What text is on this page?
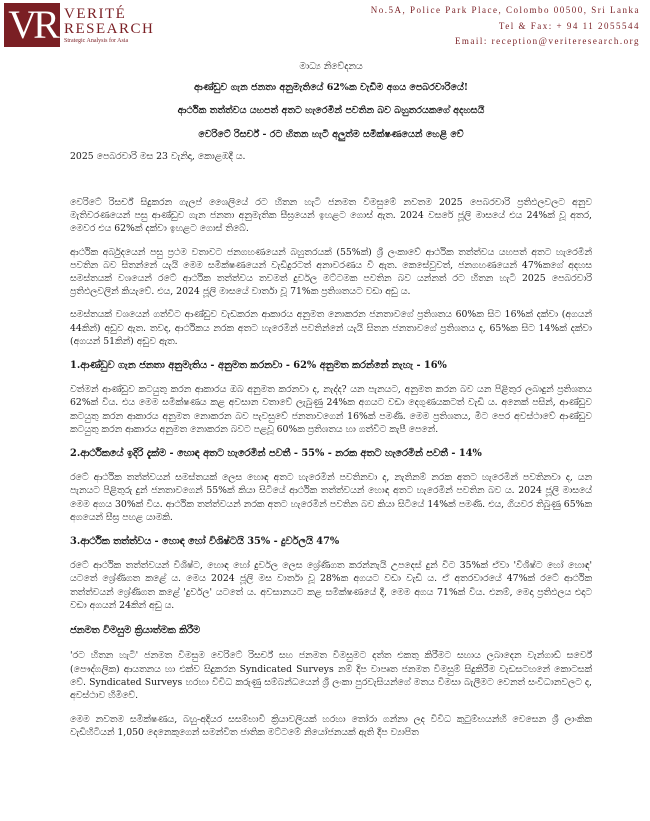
VR VERITÉ
RESEARCH
Strategic Analysis for Asia
No.5A, Police Park Place, Colombo 00500, Sri Lanka
Tel & Fax: + 94 11 2055544
Email: reception@veriteresearch.org
මාධ්‍ය නිවේදනය
ආණ්ඩුව ගැන ජනතා අනුමැතියේ 62%ක වැඩීම අගය පෙබරවාරියේ!
ආර්ථික තත්ත්වය යහපත් අතට හැරෙමින් පවතින බව බහුතරයකගේ අදහසයි
වෙරිටේ රිසර්ච් - රට හිතන හැටි අලුත්ම සමීක්ෂණයෙන් හෙළි වේ
2025 පෙබරවාරි මස 23 වැනිදා, කොළඹදී ය.

වෙරිටේ රිසර්ච් සිදුකරන ගැලප් ශෛලියේ රට හිතන හැටි ජනමත විමසුමේ නවතම 2025 පෙබරවාරි ප්‍රතිඵලවලට අනුව මැතිවරණයෙන් පසු ආණ්ඩුව ගැන ජනතා අනුමැතික සීඝ්‍රයෙන් ඉහළට ගොස් ඇත. 2024 වසරේ ජූලි මාසයේ එය 24%ක් වූ අතර, මෙවර එය 62%ක් දක්වා ඉහළට ගොස් තිබේ.

ආර්ථික අර්බුදයෙන් පසු ප්‍රථම වතාවට ජනගහණයෙන් බහුතරයක් (55%ක්) ශ්‍රී ලංකාවේ ආර්ථික තත්ත්වය යහපත් අතට හැරෙමින් පවතින බව සිතන්නේ යැයි මෙම සමීක්ෂණයෙන් වැඩිදුරටත් අනාවරණය වී ඇත. කෙසේවුවත්, ජනගහණයෙන් 47%කගේ අදහස සමස්තයක් වශයෙන් රටේ ආර්ථික තත්ත්වය තවමත් දුර්වල මට්ටමක පවතින බව යන්නත් රට හිතන හැටි 2025 පෙබරවාරි ප්‍රතිඵලවලින් කියැවේ. එය, 2024 ජූලි මාසයේ වාර්තා වූ 71%ක ප්‍රතිශතයට වඩා අඩු ය.

සමස්තයක් වශයෙන් ගත්විට ආණ්ඩුව වැඩකරන ආකාරය අනුමත නොකරන ජනතාවගේ ප්‍රතිශතය 60%ක සිට 16%ක් දක්වා (අගයන් 44කින්) අඩුව ඇත. තවද, ආර්ථිකය නරක අතට හැරෙමින් පවතින්නේ යැයි සිතන ජනතාවගේ ප්‍රතිශතය ද, 65%ක සිට 14%ක් දක්වා (අගයන් 51කින්) අඩුව ඇත.

1.ආණ්ඩුව ගැන ජනතා අනුමැතිය - අනුමත කරනවා - 62% අනුමත කරන්නේ නැහැ - 16%

වත්මන් ආණ්ඩුව කටයුතු කරන ආකාරය ඔබ අනුමත කරනවා ද, නැද්ද? යන පැනයට, අනුමත කරන බව යන පිළිතුර ලබාදුන් ප්‍රතිශතය 62%ක් විය. එය මෙම සමීක්ෂණය කළ අවසාන වතාවේ ලැබුණු 24%ක අගයට වඩා දෙගුණයකටත් වැඩි ය. අනෙක් පසින්, ආණ්ඩුව කටයුතු කරන ආකාරය අනුමත නොකරන බව පැවසුවේ ජනතාවගෙන් 16%ක් පමණි. මෙම ප්‍රතිශතය, මීට පෙර අවස්ථාවේ ආණ්ඩුව කටයුතු කරන ආකාරය අනුමත නොකරන බවට පළවූ 60%ක ප්‍රතිශතය හා ගත්විට කැපී පෙනේ.

2.ආර්ථිකයේ ඉදිරි දැක්ම - හොඳ අතට හැරෙමින් පවතී - 55% - නරක අතට හැරෙමින් පවතී - 14%

රටේ ආර්ථික තත්ත්වයන් සමස්තයක් ලෙස හොඳ අතට හැරෙමින් පවතිනවා ද, නැතිනම් නරක අතට හැරෙමින් පවතිනවා ද, යන පැනයට පිළිතුරු දුන් ජනතාවගෙන් 55%ක් කියා සිටියේ ආර්ථික තත්ත්වයන් හොඳ අතට හැරෙමින් පවතින බව ය. 2024 ජූලි මාසයේ මෙම අගය 30%ක් විය. ආර්ථික තත්ත්වයන් නරක අතට හැරෙමින් පවතින බව කියා සිටියේ 14%ක් පමණි. එය, ගියවර තිබුණු 65%ක අගයෙන් සීඝ්‍ර පහළ යාමකි.

3.ආර්ථික තත්ත්වය - හොඳ හෝ විශිෂ්ටයි 35% - දුර්වලයි 47%

රටේ ආර්ථික තත්ත්වයන් විශිෂ්ට, හොඳ හෝ දුර්වල ලෙස ශ්‍රේණිගත කරන්නැයි උපදෙස් දුන් විට 35%ක් ඒවා 'විශිෂ්ට හෝ හොඳ' යටතේ ශ්‍රේණිගත කළේ ය. මෙය 2024 ජූලි මස වාර්තා වූ 28%ක අගයට වඩා වැඩි ය. ඒ අතරවාරයේ 47%ක් රටේ ආර්ථික තත්ත්වයන් ශ්‍රේණිගත කළේ 'දුර්වල' යටතේ ය. අවසානයට කළ සමීක්ෂණයේ දී, මෙම අගය 71%ක් විය. එනම්, මෙදා ප්‍රතිඵලය එදාට වඩා අගයන් 24කින් අඩු ය.

ජනමත විමසුම ක්‍රියාත්මක කිරීම

'රට හිතන හැටි' ජනමත විමසුම වෙරිටේ රිසර්ච් සහ ජනමත විමසුමට දත්ත එකතු කිරීමට සහාය ලබාදෙන වැන්ගාඩ් සර්වේ (පෞද්ගලික) ආයතනය හා එක්ව සිදුකරන Syndicated Surveys නම් දිප වාපෘත ජනමත විමසුම් සිදුකිරීම වැඩසටහනේ කොටසක් වේ. Syndicated Surveys හරහා විවිධ කරුණු සම්බන්ධයෙන් ශ්‍රී ලංකා පුරවැසියන්ගේ මතය විමසා බැලීමට වෙනත් සංවිධානවලට ද, අවස්ථාව හිමිවේ.

මෙම නවතම සමීක්ෂණය, බහු-අදියර සසම්භාවී ක්‍රියාවලියක් හරහා තෝරා ගන්නා ලද විවිධ කුටුම්භයන්හි වෙසෙන ශ්‍රී ලාංකික වැඩිහිටියන් 1,050 දෙනෙකුගෙන් සමන්විත ජාතික මට්ටමේ නියෝජනයක් ඇති දීප ව්‍යාපිත
